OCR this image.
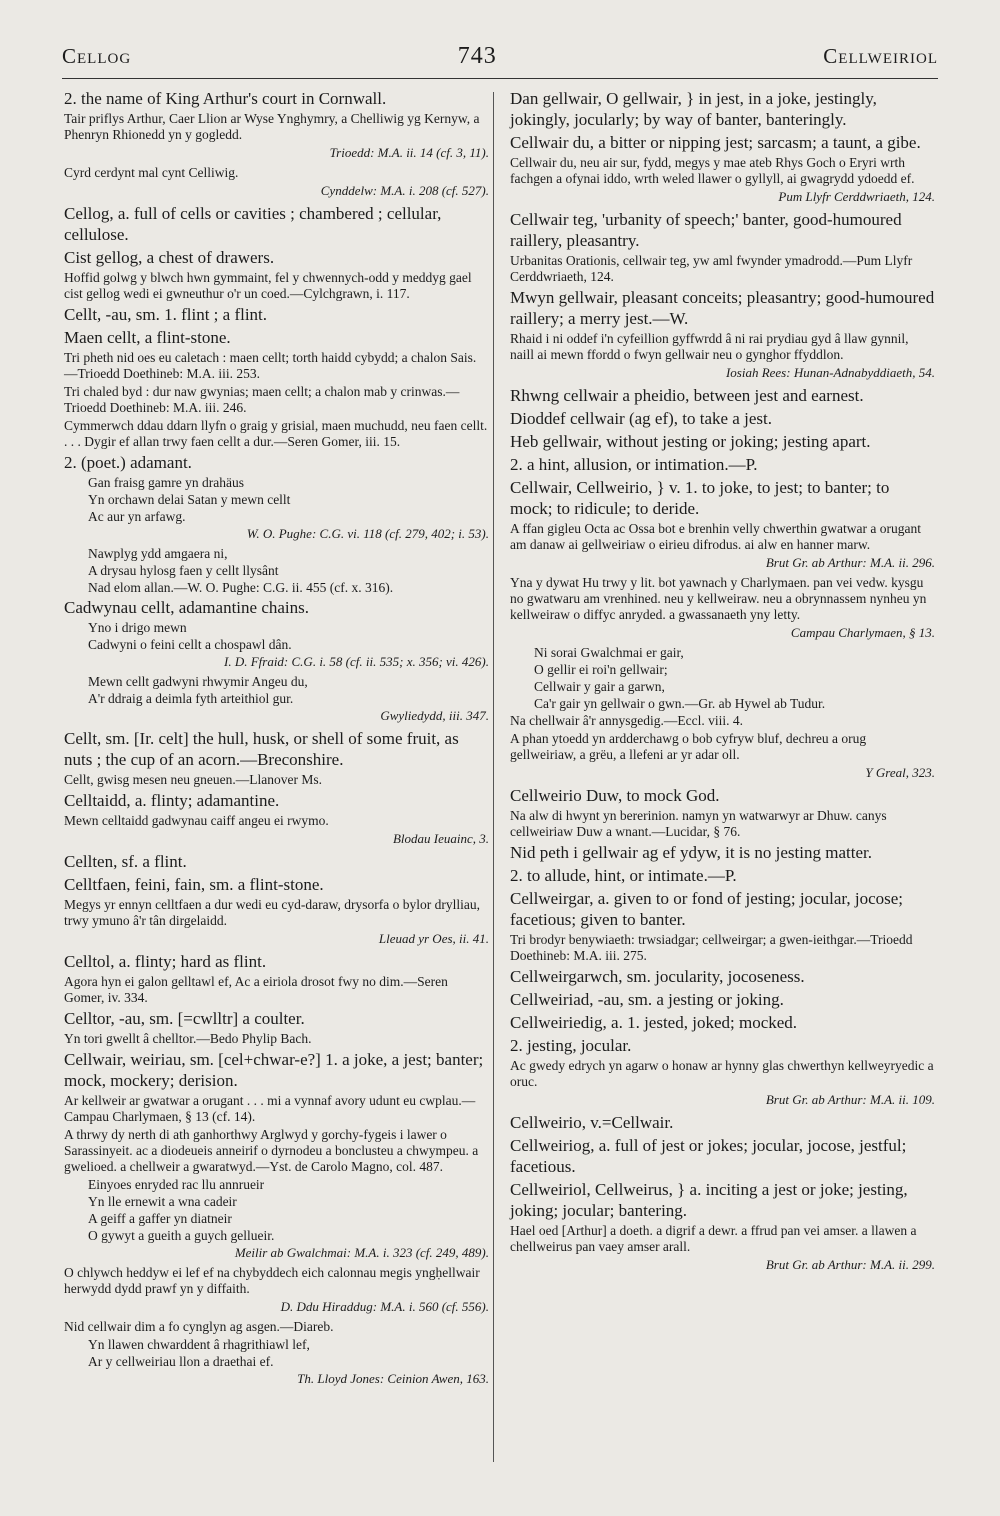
Cellog	743	Cellweiriol
2. the name of King Arthur's court in Cornwall.
Tair priflys Arthur, Caer Llion ar Wyse Ynghymry, a Chelliwig yg Kernyw, a Phenryn Rhionedd yn y gogledd.
Trioedd: M.A. ii. 14 (cf. 3, 11).
Cyrd cerdynt mal cynt Celliwig.
Cynddelw: M.A. i. 208 (cf. 527).
Cellog, a. full of cells or cavities ; chambered ; cellular, cellulose.
Cist gellog, a chest of drawers.
Hoffid golwg y blwch hwn gymmaint, fel y chwennych-odd y meddyg gael cist gellog wedi ei gwneuthur o'r un coed.—Cylchgrawn, i. 117.
Cellt, -au, sm. 1. flint ; a flint.
Maen cellt, a flint-stone.
Tri pheth nid oes eu caletach : maen cellt; torth haidd cybydd; a chalon Sais.—Trioedd Doethineb: M.A. iii. 253.
Tri chaled byd : dur naw gwynias; maen cellt; a chalon mab y crinwas.—Trioedd Doethineb: M.A. iii. 246.
Cymmerwch ddau ddarn llyfn o graig y grisial, maen muchudd, neu faen cellt. . . . Dygir ef allan trwy faen cellt a dur.—Seren Gomer, iii. 15.
2. (poet.) adamant.
Gan fraisg gamre yn drahäus
Yn orchawn delai Satan y mewn cellt
Ac aur yn arfawg.
W. O. Pughe: C.G. vi. 118 (cf. 279, 402; i. 53).
Nawplyg ydd amgaera ni,
A drysau hylosg faen y cellt llysânt
Nad elom allan.—W. O. Pughe: C.G. ii. 455 (cf. x. 316).
Cadwynau cellt, adamantine chains.
Yno i drigo mewn
Cadwyni o feini cellt a chospawl dân.
I. D. Ffraid: C.G. i. 58 (cf. ii. 535; x. 356; vi. 426).
Mewn cellt gadwyni rhwymir Angeu du,
A'r ddraig a deimla fyth arteithiol gur.
Gwyliedydd, iii. 347.
Cellt, sm. [Ir. celt] the hull, husk, or shell of some fruit, as nuts ; the cup of an acorn.—Breconshire.
Cellt, gwisg mesen neu gneuen.—Llanover Ms.
Celltaidd, a. flinty; adamantine.
Mewn celltaidd gadwynau caiff angeu ei rwymo.
Blodau Ieuainc, 3.
Cellten, sf. a flint.
Celltfaen, feini, fain, sm. a flint-stone.
Megys yr ennyn celltfaen a dur wedi eu cyd-daraw, drysorfa o bylor drylliau, trwy ymuno â'r tân dirgelaidd.
Lleuad yr Oes, ii. 41.
Celltol, a. flinty; hard as flint.
Agora hyn ei galon gelltawl ef, Ac a eiriola drosot fwy no dim.—Seren Gomer, iv. 334.
Celltor, -au, sm. [=cwlltr] a coulter.
Yn tori gwellt â chelltor.—Bedo Phylip Bach.
Cellwair, weiriau, sm. [cel+chwar-e?] 1. a joke, a jest; banter; mock, mockery; derision.
Ar kellweir ar gwatwar a orugant . . . mi a vynnaf avory udunt eu cwplau.—Campau Charlymaen, § 13 (cf. 14).
A thrwy dy nerth di ath ganhorthwy Arglwyd y gorchy-fygeis i lawer o Sarassinyeit. ac a diodeueis anneirif o dyrnodeu a bonclusteu a chwympeu. a gwelioed. a chellweir a gwaratwyd.—Yst. de Carolo Magno, col. 487.
Einyoes enryded rac llu annrueir
Yn lle ernewit a wna cadeir
A geiff a gaffer yn diatneir
O gywyt a gueith a guych gellueir.
Meilir ab Gwalchmai: M.A. i. 323 (cf. 249, 489).
O chlywch heddyw ei lef ef na chybyddech eich calonnau megis yngḥellwair herwydd dydd prawf yn y diffaith.
D. Ddu Hiraddug: M.A. i. 560 (cf. 556).
Nid cellwair dim a fo cynglyn ag asgen.—Diareb.
Yn llawen chwarddent â rhagrithiawl lef,
Ar y cellweiriau llon a draethai ef.
Th. Lloyd Jones: Ceinion Awen, 163.
Dan gellwair, O gellwair, } in jest, in a joke, jestingly, jokingly, jocularly; by way of banter, banteringly.
Cellwair du, a bitter or nipping jest; sarcasm; a taunt, a gibe.
Cellwair du, neu air sur, fydd, megys y mae ateb Rhys Goch o Eryri wrth fachgen a ofynai iddo, wrth weled llawer o gyllyll, ai gwagrydd ydoedd ef.
Pum Llyfr Cerddwriaeth, 124.
Cellwair teg, 'urbanity of speech;' banter, good-humoured raillery, pleasantry.
Urbanitas Orationis, cellwair teg, yw aml fwynder ymadrodd.—Pum Llyfr Cerddwriaeth, 124.
Mwyn gellwair, pleasant conceits; pleasantry; good-humoured raillery; a merry jest.—W.
Rhaid i ni oddef i'n cyfeillion gyffwrdd â ni rai prydiau gyd â llaw gynnil, naill ai mewn ffordd o fwyn gellwair neu o gynghor ffyddlon.
Iosiah Rees: Hunan-Adnabyddiaeth, 54.
Rhwng cellwair a pheidio, between jest and earnest.
Dioddef cellwair (ag ef), to take a jest.
Heb gellwair, without jesting or joking; jesting apart.
2. a hint, allusion, or intimation.—P.
Cellwair, Cellweirio, } v. 1. to joke, to jest; to banter; to mock; to ridicule; to deride.
A ffan gigleu Octa ac Ossa bot e brenhin velly chwerthin gwatwar a orugant am danaw ai gellweiriaw o eirieu difrodus. ai alw en hanner marw.
Brut Gr. ab Arthur: M.A. ii. 296.
Yna y dywat Hu trwy y lit. bot yawnach y Charlymaen. pan vei vedw. kysgu no gwatwaru am vrenhined. neu y kellweiraw. neu a obrynnassem nynheu yn kellweiraw o diffyc anryded. a gwassanaeth yny letty.
Campau Charlymaen, § 13.
Ni sorai Gwalchmai er gair,
O gellir ei roi'n gellwair;
Cellwair y gair a garwn,
Ca'r gair yn gellwair o gwn.—Gr. ab Hywel ab Tudur.
Na chellwair â'r annysgedig.—Eccl. viii. 4.
A phan ytoedd yn ardderchawg o bob cyfryw bluf, dechreu a orug gellweiriaw, a grëu, a llefeni ar yr adar oll.
Y Greal, 323.
Cellweirio Duw, to mock God.
Na alw di hwynt yn bererinion. namyn yn watwarwyr ar Dhuw. canys cellweiriaw Duw a wnant.—Lucidar, § 76.
Nid peth i gellwair ag ef ydyw, it is no jesting matter.
2. to allude, hint, or intimate.—P.
Cellweirgar, a. given to or fond of jesting; jocular, jocose; facetious; given to banter.
Tri brodyr benywiaeth: trwsiadgar; cellweirgar; a gwen-ieithgar.—Trioedd Doethineb: M.A. iii. 275.
Cellweirgarwch, sm. jocularity, jocoseness.
Cellweiriad, -au, sm. a jesting or joking.
Cellweiriedig, a. 1. jested, joked; mocked.
2. jesting, jocular.
Ac gwedy edrych yn agarw o honaw ar hynny glas chwerthyn kellweyryedic a oruc.
Brut Gr. ab Arthur: M.A. ii. 109.
Cellweirio, v.=Cellwair.
Cellweiriog, a. full of jest or jokes; jocular, jocose, jestful; facetious.
Cellweiriol, Cellweirus, } a. inciting a jest or joke; jesting, joking; jocular; bantering.
Hael oed [Arthur] a doeth. a digrif a dewr. a ffrud pan vei amser. a llawen a chellweirus pan vaey amser arall.
Brut Gr. ab Arthur: M.A. ii. 299.
